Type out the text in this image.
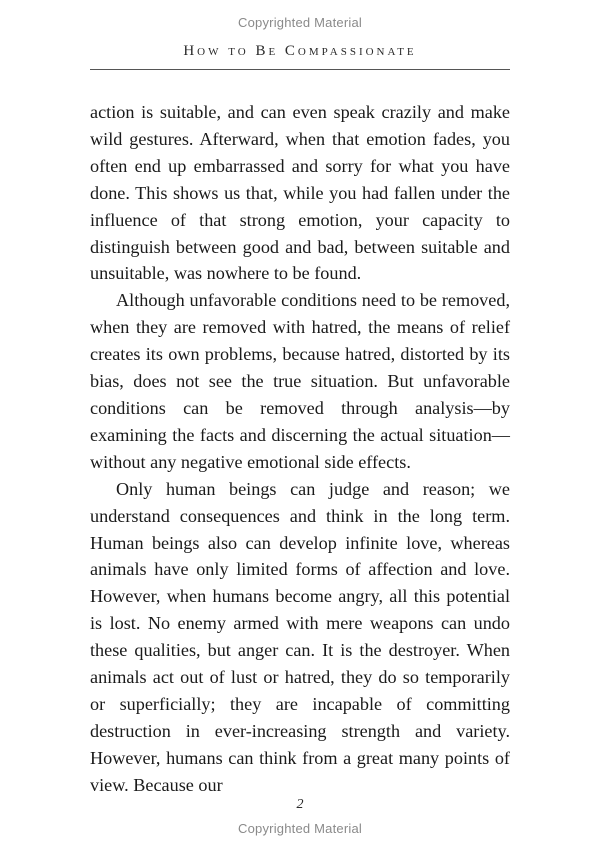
Copyrighted Material
How to Be Compassionate

action is suitable, and can even speak crazily and make wild gestures. Afterward, when that emotion fades, you often end up embarrassed and sorry for what you have done. This shows us that, while you had fallen under the influence of that strong emotion, your capacity to distinguish between good and bad, between suitable and unsuitable, was nowhere to be found.

Although unfavorable conditions need to be removed, when they are removed with hatred, the means of relief creates its own problems, because hatred, distorted by its bias, does not see the true situation. But unfavorable conditions can be removed through analysis—by examining the facts and discerning the actual situation—without any negative emotional side effects.

Only human beings can judge and reason; we understand consequences and think in the long term. Human beings also can develop infinite love, whereas animals have only limited forms of affection and love. However, when humans become angry, all this potential is lost. No enemy armed with mere weapons can undo these qualities, but anger can. It is the destroyer. When animals act out of lust or hatred, they do so temporarily or superficially; they are incapable of committing destruction in ever-increasing strength and variety. However, humans can think from a great many points of view. Because our

2
Copyrighted Material
